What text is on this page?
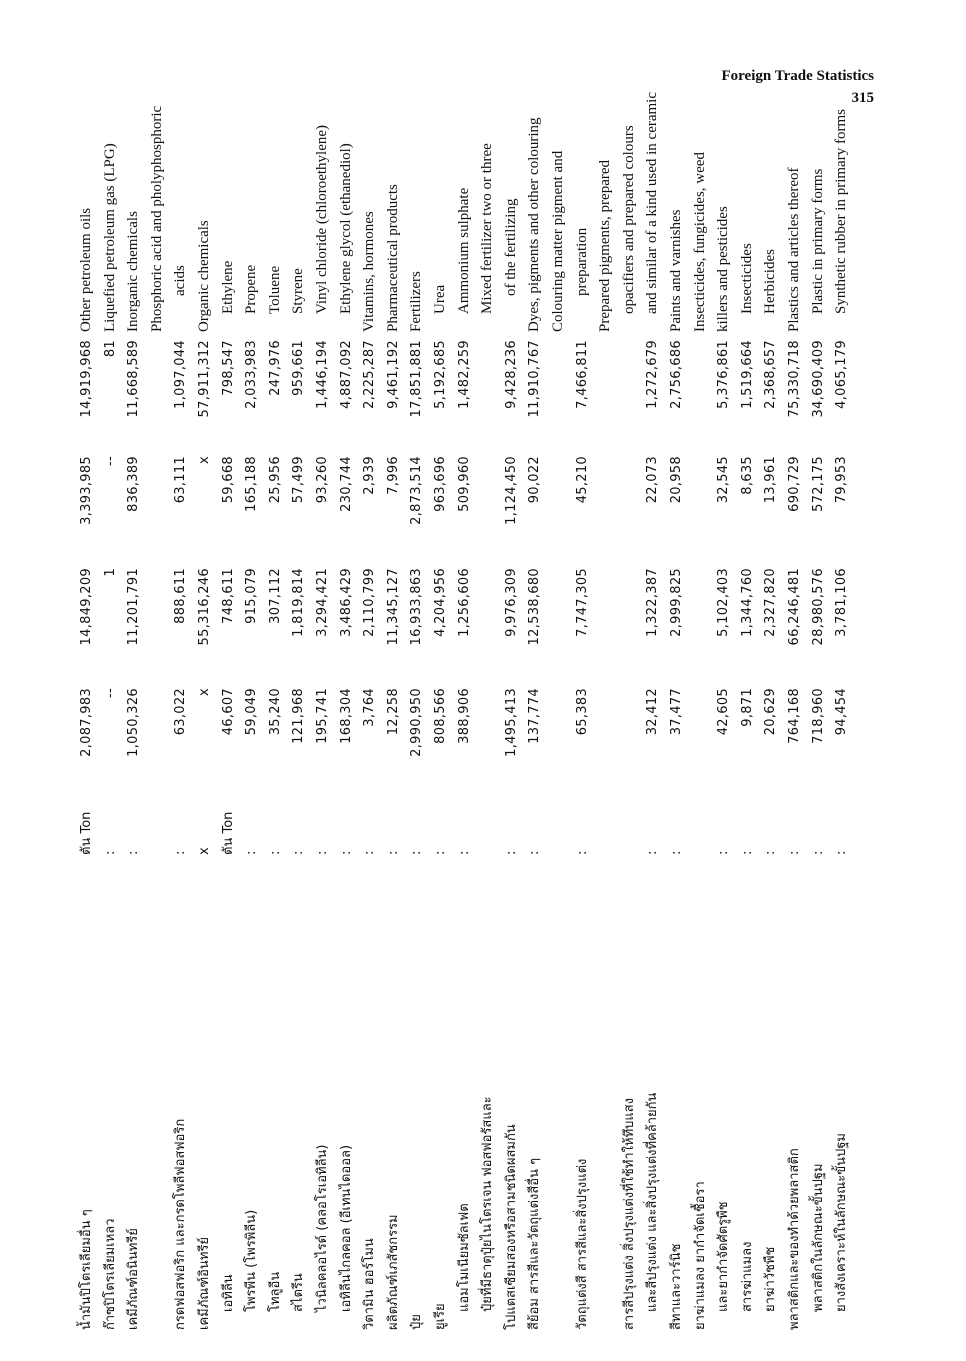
Foreign Trade Statistics
315
น้ำมันปิโตรเลียมอื่น ๆ
ตัน Ton
2,087,983
14,849,209
3,393,985
14,919,968
Other petroleum oils
ก๊าซปิโตรเลียมเหลว
:
--
1
--
81
Liquefied petroleum gas (LPG)
เคมีภัณฑ์อนินทรีย์
:
1,050,326
11,201,791
836,389
11,668,589
Inorganic chemicals Phosphoric acid and pholyphosphoric
กรดฟอสฟอริก และกรดโพลีฟอสฟอริก
:
63,022
888,611
63,111
1,097,044
acids
เคมีภัณฑ์อินทรีย์
x
x
55,316,246
x
57,911,312
Organic chemicals
เอทิลีน
ตัน Ton
46,607
748,611
59,668
798,547
Ethylene
โพรพีน (โพรพิลีน)
:
59,049
915,079
165,188
2,033,983
Propene
โทลูอีน
:
35,240
307,112
25,956
247,976
Toluene
สไตรีน
:
121,968
1,819,814
57,499
959,661
Styrene
ไวนิลคลอไรด์ (คลอโรเอทิลีน)
:
195,741
3,294,421
93,260
1,446,194
Vinyl chloride (chloroethylene)
เอทิลีนไกลคอล (อีเทนไดออล)
:
168,304
3,486,429
230,744
4,887,092
Ethylene glycol (ethanediol)
วิตามิน ฮอร์โมน
:
3,764
2,110,799
2,939
2,225,287
Vitamins, hormones
ผลิตภัณฑ์เภสัชกรรม
:
12,258
11,345,127
7,996
9,461,192
Pharmaceutical products
ปุ๋ย
:
2,990,950
16,933,863
2,873,514
17,851,881
Fertilizers
ยูเรีย
:
808,566
4,204,956
963,696
5,192,685
Urea
แอมโมเนียมซัลเฟต
:
388,906
1,256,606
509,960
1,482,259
Ammonium sulphate
ปุ๋ยที่มีธาตุปุ๋ยไนโตรเจน ฟอสฟอรัสและ
Mixed fertilizer two or three
โปแตสเซียมสองหรือสามชนิดผสมกัน
:
1,495,413
9,976,309
1,124,450
9,428,236
of the fertilizing
สีย้อม สารสีและวัตถุแต่งสีอื่น ๆ
:
137,774
12,538,680
90,022
11,910,767
Dyes, pigments and other colouring Colouring matter pigment and
วัตถุแต่งสี สารสีและสิ่งปรุงแต่ง
:
65,383
7,747,305
45,210
7,466,811
preparation Prepared pigments, prepared
สารสีปรุงแต่ง สิ่งปรุงแต่งที่ใช้ทำให้ทึบแสง
opacifiers and prepared colours
และสีปรุงแต่ง และสิ่งปรุงแต่งที่คล้ายกัน
:
32,412
1,322,387
22,073
1,272,679
and similar of a kind used in ceramic
สีทาและวาร์นิช
:
37,477
2,999,825
20,958
2,756,686
Paints and varnishes
ยาฆ่าแมลง ยากำจัดเชื้อรา
Insecticides, fungicides, weed
และยากำจัดศัตรูพืช
:
42,605
5,102,403
32,545
5,376,861
killers and pesticides
สารฆ่าแมลง
:
9,871
1,344,760
8,635
1,519,664
Insecticides
ยาฆ่าวัชพืช
:
20,629
2,327,820
13,961
2,368,657
Herbicides
พลาสติกและของทำด้วยพลาสติก
:
764,168
66,246,481
690,729
75,330,718
Plastics and articles thereof
พลาสติกในลักษณะขั้นปฐม
:
718,960
28,980,576
572,175
34,690,409
Plastic in primary forms
ยางสังเคราะห์ในลักษณะขั้นปฐม
:
94,454
3,781,106
79,953
4,065,179
Synthetic rubber in primary forms
